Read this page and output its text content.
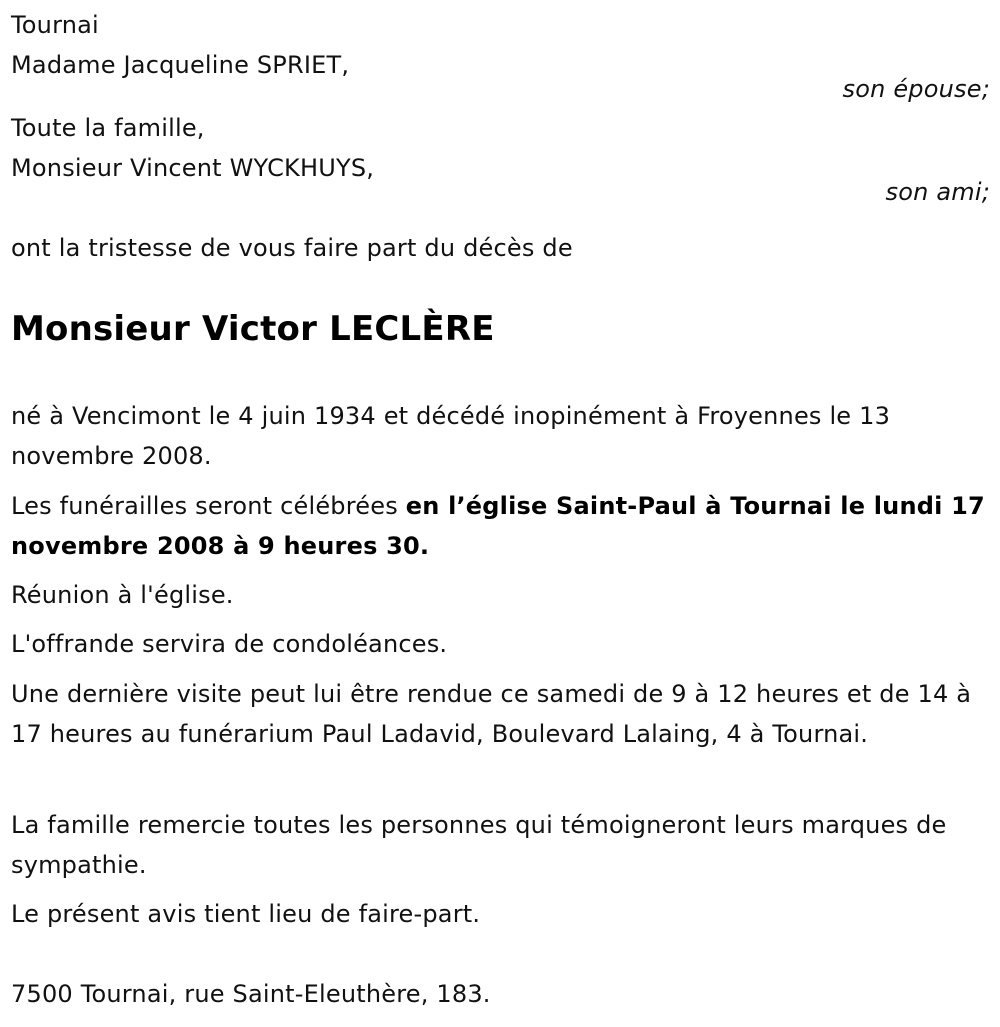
Tournai
Madame Jacqueline SPRIET,
son épouse;
Toute la famille,
Monsieur Vincent WYCKHUYS,
son ami;
ont la tristesse de vous faire part du décès de
Monsieur Victor LECLÈRE
né à Vencimont le 4 juin 1934 et décédé inopinément à Froyennes le 13 novembre 2008.
Les funérailles seront célébrées en l’église Saint-Paul à Tournai le lundi 17 novembre 2008 à 9 heures 30.
Réunion à l'église.
L'offrande servira de condoléances.
Une dernière visite peut lui être rendue ce samedi de 9 à 12 heures et de 14 à 17 heures au funérarium Paul Ladavid, Boulevard Lalaing, 4 à Tournai.
La famille remercie toutes les personnes qui témoigneront leurs marques de sympathie.
Le présent avis tient lieu de faire-part.
7500 Tournai, rue Saint-Eleuthère, 183.
